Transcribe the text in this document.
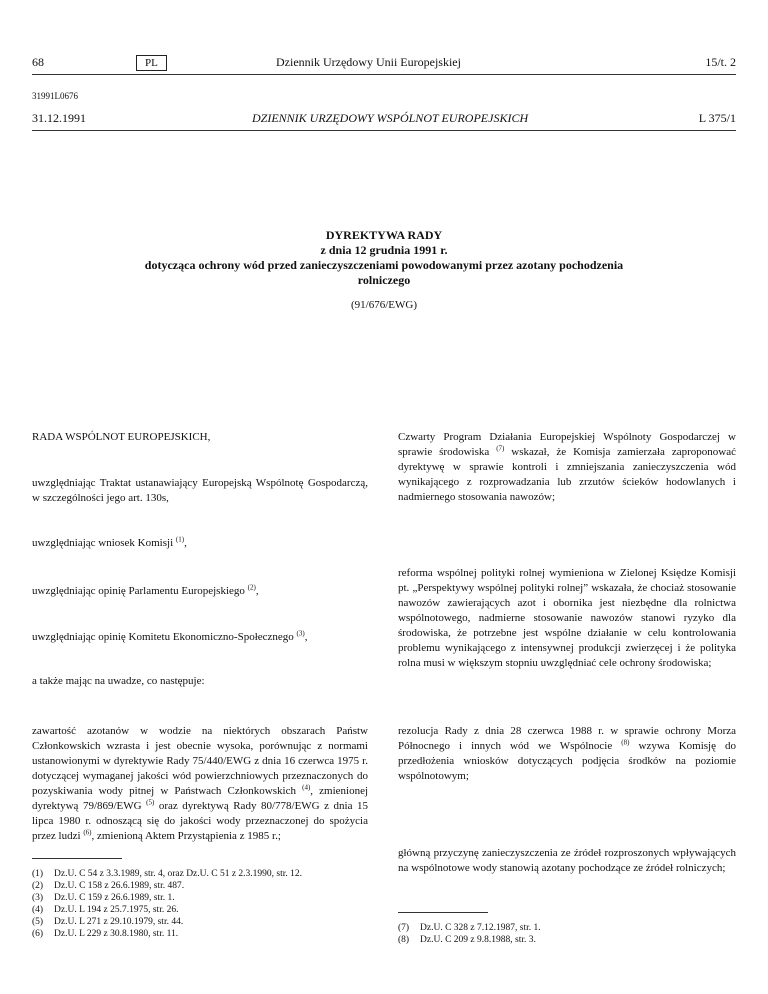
68	PL	Dziennik Urzędowy Unii Europejskiej	15/t. 2
31991L0676
31.12.1991	DZIENNIK URZĘDOWY WSPÓLNOT EUROPEJSKICH	L 375/1
DYREKTYWA RADY
z dnia 12 grudnia 1991 r.
dotycząca ochrony wód przed zanieczyszczeniami powodowanymi przez azotany pochodzenia
rolniczego
(91/676/EWG)
RADA WSPÓLNOT EUROPEJSKICH,
uwzględniając Traktat ustanawiający Europejską Wspólnotę Gospodarczą, w szczególności jego art. 130s,
uwzględniając wniosek Komisji $^{(1)}$,
uwzględniając opinię Parlamentu Europejskiego $^{(2)}$,
uwzględniając opinię Komitetu Ekonomiczno-Społecznego $^{(3)}$,
a także mając na uwadze, co następuje:
zawartość azotanów w wodzie na niektórych obszarach Państw Członkowskich wzrasta i jest obecnie wysoka, porównując z normami ustanowionymi w dyrektywie Rady 75/440/EWG z dnia 16 czerwca 1975 r. dotyczącej wymaganej jakości wód powierzchniowych przeznaczonych do pozyskiwania wody pitnej w Państwach Członkowskich $^{(4)}$, zmienionej dyrektywą 79/869/EWG $^{(5)}$ oraz dyrektywą Rady 80/778/EWG z dnia 15 lipca 1980 r. odnoszącą się do jakości wody przeznaczonej do spożycia przez ludzi $^{(6)}$, zmienioną Aktem Przystąpienia z 1985 r.;
(1) Dz.U. C 54 z 3.3.1989, str. 4, oraz Dz.U. C 51 z 2.3.1990, str. 12.
(2) Dz.U. C 158 z 26.6.1989, str. 487.
(3) Dz.U. C 159 z 26.6.1989, str. 1.
(4) Dz.U. L 194 z 25.7.1975, str. 26.
(5) Dz.U. L 271 z 29.10.1979, str. 44.
(6) Dz.U. L 229 z 30.8.1980, str. 11.
Czwarty Program Działania Europejskiej Wspólnoty Gospodarczej w sprawie środowiska $^{(7)}$ wskazał, że Komisja zamierzała zaproponować dyrektywę w sprawie kontroli i zmniejszania zanieczyszczenia wód wynikającego z rozprowadzania lub zrzutów ścieków hodowlanych i nadmiernego stosowania nawozów;
reforma wspólnej polityki rolnej wymieniona w Zielonej Księdze Komisji pt. „Perspektywy wspólnej polityki rolnej” wskazała, że chociaż stosowanie nawozów zawierających azot i obornika jest niezbędne dla rolnictwa wspólnotowego, nadmierne stosowanie nawozów stanowi ryzyko dla środowiska, że potrzebne jest wspólne działanie w celu kontrolowania problemu wynikającego z intensywnej produkcji zwierzęcej i że polityka rolna musi w większym stopniu uwzględniać cele ochrony środowiska;
rezolucja Rady z dnia 28 czerwca 1988 r. w sprawie ochrony Morza Północnego i innych wód we Wspólnocie $^{(8)}$ wzywa Komisję do przedłożenia wniosków dotyczących podjęcia środków na poziomie wspólnotowym;
główną przyczynę zanieczyszczenia ze źródeł rozproszonych wpływających na wspólnotowe wody stanowią azotany pochodzące ze źródeł rolniczych;
(7) Dz.U. C 328 z 7.12.1987, str. 1.
(8) Dz.U. C 209 z 9.8.1988, str. 3.
